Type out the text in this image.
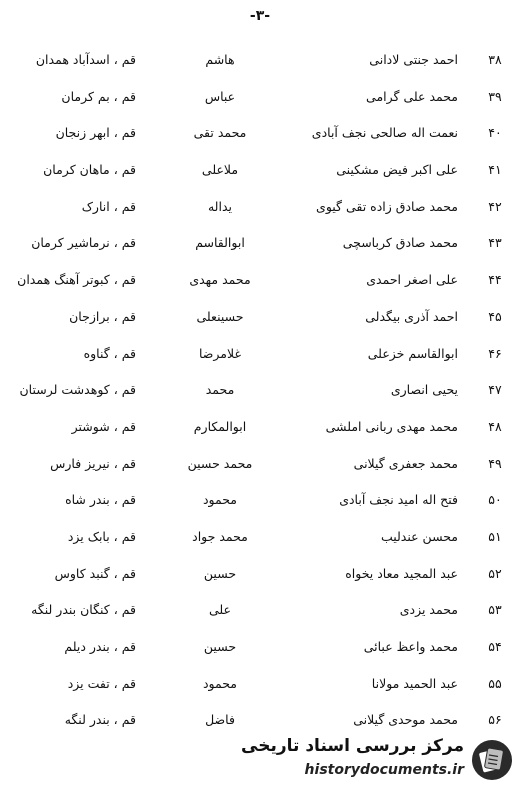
-۳-
۳۸
احمد جنتی لادانی
هاشم
قم ، اسدآباد همدان
۳۹
محمد علی گرامی
عباس
قم ، بم کرمان
۴۰
نعمت اله صالحی نجف آبادی
محمد تقی
قم ، ابهر زنجان
۴۱
علی اکبر فیض مشکینی
ملاعلی
قم ، ماهان کرمان
۴۲
محمد صادق زاده تقی گیوی
یداله
قم ، انارک
۴۳
محمد صادق کرباسچی
ابوالقاسم
قم ، نرماشیر کرمان
۴۴
علی اصغر احمدی
محمد مهدی
قم ، کبوتر آهنگ همدان
۴۵
احمد آذری بیگدلی
حسینعلی
قم ، برازجان
۴۶
ابوالقاسم خزعلی
غلامرضا
قم ، گناوه
۴۷
یحیی انصاری
محمد
قم ، کوهدشت لرستان
۴۸
محمد مهدی ربانی املشی
ابوالمکارم
قم ، شوشتر
۴۹
محمد جعفری گیلانی
محمد حسین
قم ، نیریز فارس
۵۰
فتح اله امید نجف آبادی
محمود
قم ، بندر شاه
۵۱
محسن عندلیب
محمد جواد
قم ، بابک یزد
۵۲
عبد المجید معاد یخواه
حسین
قم ، گنبد کاوس
۵۳
محمد یزدی
علی
قم ، کنگان بندر لنگه
۵۴
محمد واعظ عبائی
حسین
قم ، بندر دیلم
۵۵
عبد الحمید مولانا
محمود
قم ، تفت یزد
۵۶
محمد موحدی گیلانی
فاضل
قم ، بندر لنگه
مرکز بررسی اسناد تاریخی
historydocuments.ir
